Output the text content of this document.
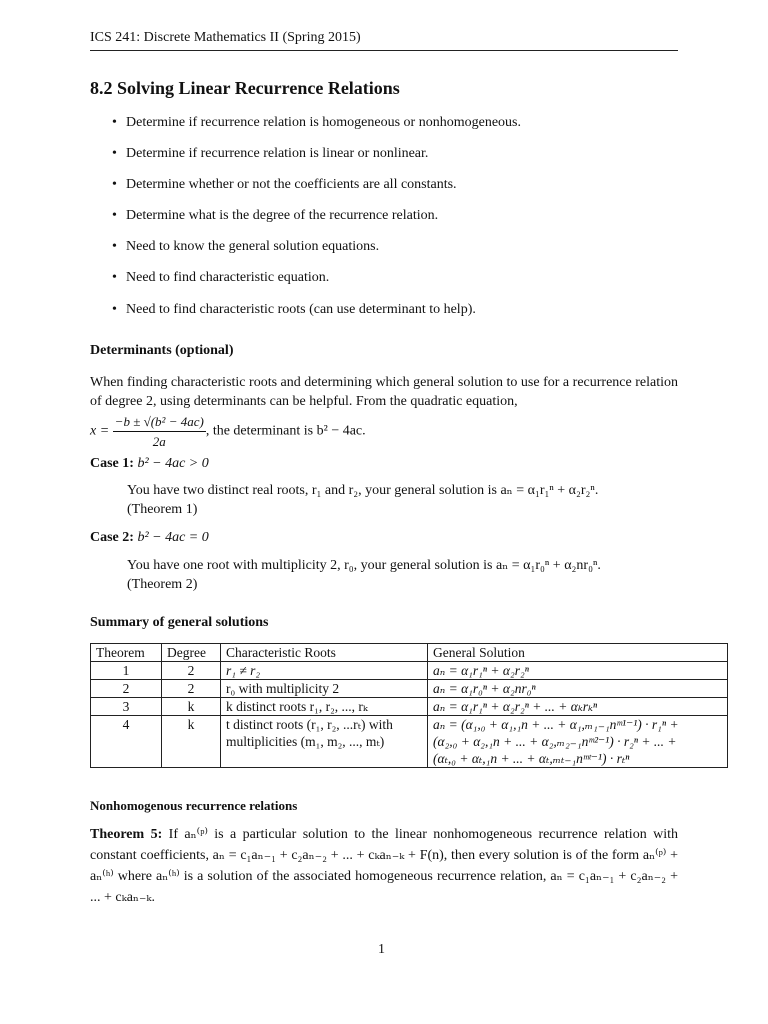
ICS 241: Discrete Mathematics II (Spring 2015)
8.2 Solving Linear Recurrence Relations
• Determine if recurrence relation is homogeneous or nonhomogeneous.
• Determine if recurrence relation is linear or nonlinear.
• Determine whether or not the coefficients are all constants.
• Determine what is the degree of the recurrence relation.
• Need to know the general solution equations.
• Need to find characteristic equation.
• Need to find characteristic roots (can use determinant to help).
Determinants (optional)
When finding characteristic roots and determining which general solution to use for a recurrence relation of degree 2, using determinants can be helpful. From the quadratic equation,
$x = \frac{\text{−b ± √(b² − 4ac)}}{2a}$ , the determinant is b² − 4ac.
Case 1: b² − 4ac > 0
You have two distinct real roots, r₁ and r₂, your general solution is aₙ = α₁r₁ⁿ + α₂r₂ⁿ.
(Theorem 1)
Case 2: b² − 4ac = 0
You have one root with multiplicity 2, r₀, your general solution is aₙ = α₁r₀ⁿ + α₂nr₀ⁿ.
(Theorem 2)
Summary of general solutions
Theorem	Degree	Characteristic Roots	General Solution
1	2	r₁ ≠ r₂	aₙ = α₁r₁ⁿ + α₂r₂ⁿ
2	2	r₀ with multiplicity 2	aₙ = α₁r₀ⁿ + α₂nr₀ⁿ
3	k	k distinct roots r₁, r₂, ..., rₖ	aₙ = α₁r₁ⁿ + α₂r₂ⁿ + ... + αₖrₖⁿ
4	k	t distinct roots (r₁, r₂, ...rₜ) with multiplicities (m₁, m₂, ..., mₜ)	aₙ = (α₁,₀ + α₁,₁n + ... + α₁,ₘ₁₋₁nᵐ¹⁻¹) · r₁ⁿ +
(α₂,₀ + α₂,₁n + ... + α₂,ₘ₂₋₁nᵐ²⁻¹) · r₂ⁿ + ... +
(αₜ,₀ + αₜ,₁n + ... + αₜ,ₘₜ₋₁nᵐᵗ⁻¹) · rₜⁿ
Nonhomogenous recurrence relations
Theorem 5: If aₙ⁽ᵖ⁾ is a particular solution to the linear nonhomogeneous recurrence relation with constant coefficients, aₙ = c₁aₙ₋₁ + c₂aₙ₋₂ + ... + cₖaₙ₋ₖ + F(n), then every solution is of the form aₙ⁽ᵖ⁾ + aₙ⁽ʰ⁾ where aₙ⁽ʰ⁾ is a solution of the associated homogeneous recurrence relation, aₙ = c₁aₙ₋₁ + c₂aₙ₋₂ + ... + cₖaₙ₋ₖ.
1
